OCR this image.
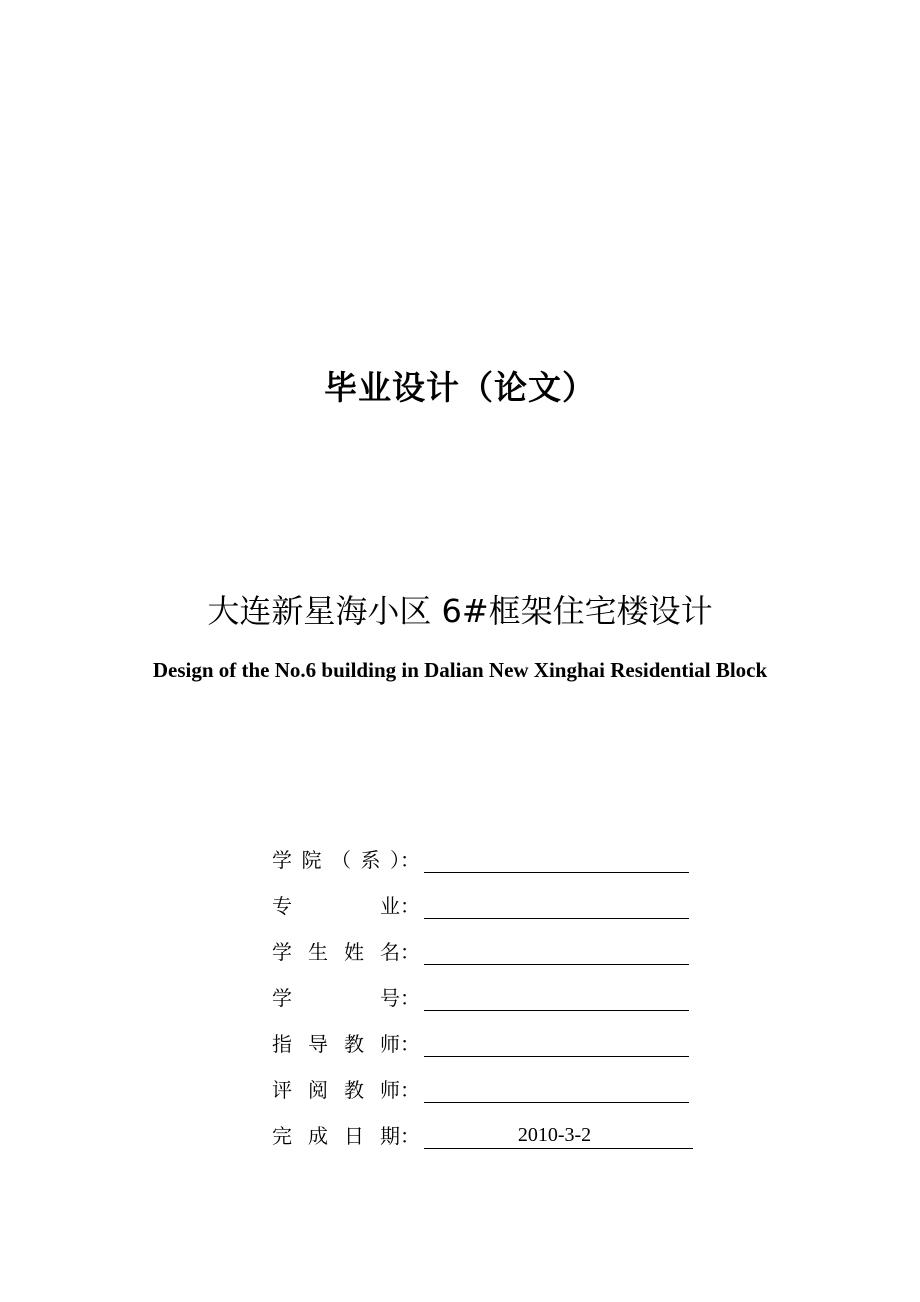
毕业设计（论文）
大连新星海小区 6#框架住宅楼设计
Design of the No.6 building in Dalian New Xinghai Residential Block
学 院 （ 系 ）：
专	业：
学 生 姓 名：
学	号：
指 导 教 师：
评 阅 教 师：
完 成 日 期：	2010-3-2
